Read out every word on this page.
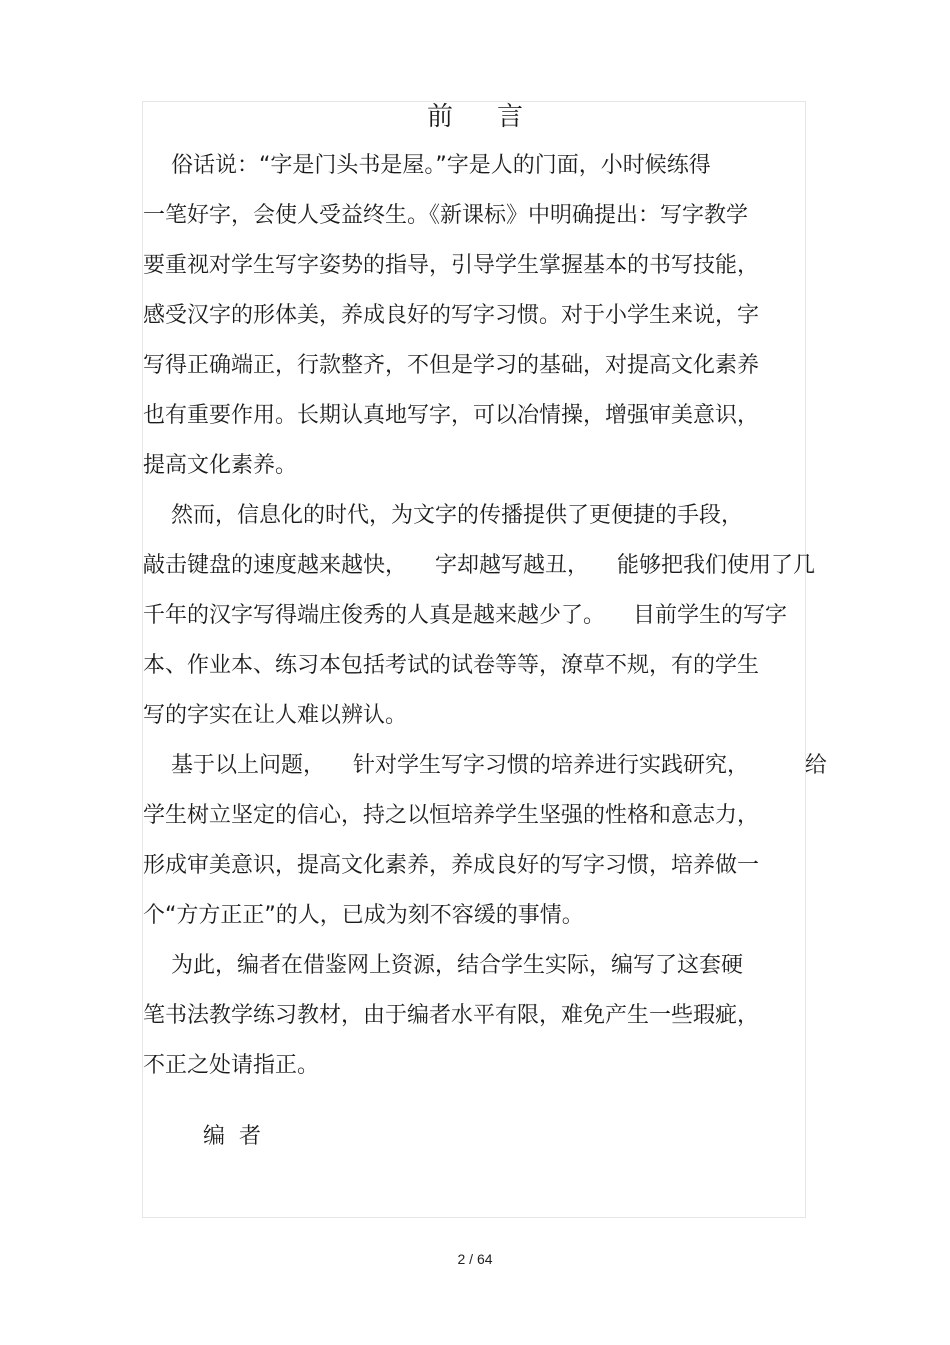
前言
俗话说：“字是门头书是屋。”字是人的门面，小时候练得
一笔好字，会使人受益终生。《新课标》中明确提出：写字教学
要重视对学生写字姿势的指导，引导学生掌握基本的书写技能，
感受汉字的形体美，养成良好的写字习惯。对于小学生来说，字
写得正确端正，行款整齐，不但是学习的基础，对提高文化素养
也有重要作用。长期认真地写字，可以冶情操，增强审美意识，
提高文化素养。
然而，信息化的时代，为文字的传播提供了更便捷的手段，
敲击键盘的速度越来越快，    字却越写越丑，    能够把我们使用了几
千年的汉字写得端庄俊秀的人真是越来越少了。    目前学生的写字
本、作业本、练习本包括考试的试卷等等，潦草不规，有的学生
写的字实在让人难以辨认。
基于以上问题，    针对学生写字习惯的培养进行实践研究，        给
学生树立坚定的信心，持之以恒培养学生坚强的性格和意志力，
形成审美意识，提高文化素养，养成良好的写字习惯，培养做一
个“方方正正”的人，已成为刻不容缓的事情。
为此，编者在借鉴网上资源，结合学生实际，编写了这套硬
笔书法教学练习教材，由于编者水平有限，难免产生一些瑕疵，
不正之处请指正。
编  者
2 / 64
